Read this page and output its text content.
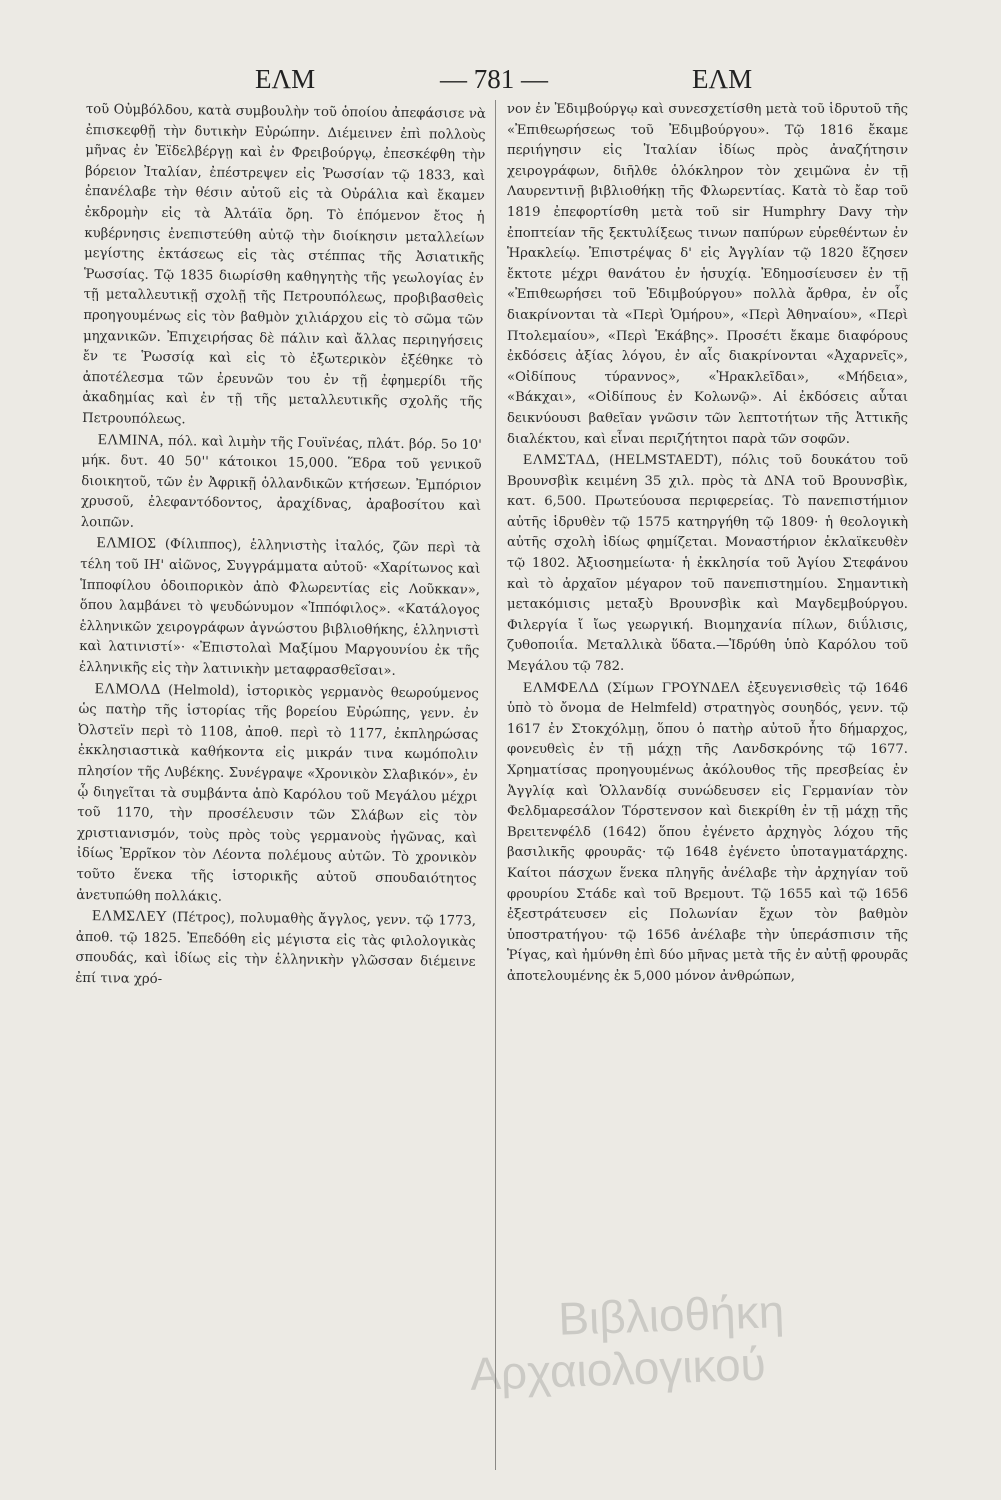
ΕΛΜ	— 781 —	ΕΛΜ

τοῦ Οὐμβόλδου, κατὰ συμβουλὴν τοῦ ὁποίου ἀπεφάσισε νὰ ἐπισκεφθῇ τὴν δυτικὴν Εὐρώπην. Διέμεινεν ἐπὶ πολλοὺς μῆνας ἐν Ἑϊδελβέργῃ καὶ ἐν Φρειβούργῳ, ἐπεσκέφθη τὴν βόρειον Ἰταλίαν, ἐπέστρεψεν εἰς Ῥωσσίαν τῷ 1833, καὶ ἐπανέλαβε τὴν θέσιν αὐτοῦ εἰς τὰ Οὐράλια καὶ ἔκαμεν ἐκδρομὴν εἰς τὰ Ἀλτάϊα ὄρη. Τὸ ἑπόμενον ἔτος ἡ κυβέρνησις ἐνεπιστεύθη αὐτῷ τὴν διοίκησιν μεταλλείων μεγίστης ἐκτάσεως εἰς τὰς στέππας τῆς Ἀσιατικῆς Ῥωσσίας. Τῷ 1835 διωρίσθη καθηγητὴς τῆς γεωλογίας ἐν τῇ μεταλλευτικῇ σχολῇ τῆς Πετρουπόλεως, προβιβασθεὶς προηγουμένως εἰς τὸν βαθμὸν χιλιάρχου εἰς τὸ σῶμα τῶν μηχανικῶν. Ἐπιχειρήσας δὲ πάλιν καὶ ἄλλας περιηγήσεις ἔν τε Ῥωσσίᾳ καὶ εἰς τὸ ἐξωτερικὸν ἐξέθηκε τὸ ἀποτέλεσμα τῶν ἐρευνῶν του ἐν τῇ ἐφημερίδι τῆς ἀκαδημίας καὶ ἐν τῇ τῆς μεταλλευτικῆς σχολῆς τῆς Πετρουπόλεως.

ΕΛΜΙΝΑ, πόλ. καὶ λιμὴν τῆς Γουϊνέας, πλάτ. βόρ. 5ο 10' μήκ. δυτ. 40 50'' κάτοικοι 15,000. Ἕδρα τοῦ γενικοῦ διοικητοῦ, τῶν ἐν Ἀφρικῇ ὁλλανδικῶν κτήσεων. Ἐμπόριον χρυσοῦ, ἐλεφαντόδοντος, ἀραχίδνας, ἀραβοσίτου καὶ λοιπῶν.

ΕΛΜΙΟΣ (Φίλιππος), ἑλληνιστὴς ἰταλός, ζῶν περὶ τὰ τέλη τοῦ ΙΗ' αἰῶνος, Συγγράμματα αὐτοῦ· «Χαρίτωνος καὶ Ἱπποφίλου ὁδοιπορικὸν ἀπὸ Φλωρεντίας εἰς Λοῦκκαν», ὅπου λαμβάνει τὸ ψευδώνυμον «Ἱππόφιλος». «Κατάλογος ἑλληνικῶν χειρογράφων ἀγνώστου βιβλιοθήκης, ἑλληνιστὶ καὶ λατινιστί»· «Ἐπιστολαὶ Μαξίμου Μαργουνίου ἐκ τῆς ἑλληνικῆς εἰς τὴν λατινικὴν μεταφρασθεῖσαι».

ΕΛΜΟΛΔ (Helmold), ἱστορικὸς γερμανὸς θεωρούμενος ὡς πατὴρ τῆς ἱστορίας τῆς βορείου Εὐρώπης, γενν. ἐν Ὀλστεϊν περὶ τὸ 1108, ἀποθ. περὶ τὸ 1177, ἐκπληρώσας ἐκκλησιαστικὰ καθήκοντα εἰς μικράν τινα κωμόπολιν πλησίον τῆς Λυβέκης. Συνέγραψε «Χρονικὸν Σλαβικόν», ἐν ᾧ διηγεῖται τὰ συμβάντα ἀπὸ Καρόλου τοῦ Μεγάλου μέχρι τοῦ 1170, τὴν προσέλευσιν τῶν Σλάβων εἰς τὸν χριστιανισμόν, τοὺς πρὸς τοὺς γερμανοὺς ἠγῶνας, καὶ ἰδίως Ἐρρῖκον τὸν Λέοντα πολέμους αὐτῶν. Τὸ χρονικὸν τοῦτο ἕνεκα τῆς ἱστορικῆς αὐτοῦ σπουδαιότητος ἀνετυπώθη πολλάκις.

ΕΛΜΣΛΕΥ (Πέτρος), πολυμαθὴς ἄγγλος, γενν. τῷ 1773, ἀποθ. τῷ 1825. Ἐπεδόθη εἰς μέγιστα εἰς τὰς φιλολογικὰς σπουδάς, καὶ ἰδίως εἰς τὴν ἑλληνικὴν γλῶσσαν διέμεινε ἐπί τινα χρό-

νον ἐν Ἐδιμβούργῳ καὶ συνεσχετίσθη μετὰ τοῦ ἱδρυτοῦ τῆς «Ἐπιθεωρήσεως τοῦ Ἐδιμβούργου». Τῷ 1816 ἔκαμε περιήγησιν εἰς Ἰταλίαν ἰδίως πρὸς ἀναζήτησιν χειρογράφων, διῆλθε ὁλόκληρον τὸν χειμῶνα ἐν τῇ Λαυρεντινῇ βιβλιοθήκῃ τῆς Φλωρεντίας. Κατὰ τὸ ἔαρ τοῦ 1819 ἐπεφορτίσθη μετὰ τοῦ sir Humphry Davy τὴν ἐποπτείαν τῆς ξεκτυλίξεως τινων παπύρων εὑρεθέντων ἐν Ἡρακλείῳ. Ἐπιστρέψας δ' εἰς Ἀγγλίαν τῷ 1820 ἔζησεν ἔκτοτε μέχρι θανάτου ἐν ἡσυχίᾳ. Ἐδημοσίευσεν ἐν τῇ «Ἐπιθεωρήσει τοῦ Ἐδιμβούργου» πολλὰ ἄρθρα, ἐν οἷς διακρίνονται τὰ «Περὶ Ὁμήρου», «Περὶ Ἀθηναίου», «Περὶ Πτολεμαίου», «Περὶ Ἑκάβης». Προσέτι ἔκαμε διαφόρους ἐκδόσεις ἀξίας λόγου, ἐν αἷς διακρίνονται «Ἀχαρνεῖς», «Οἰδίπους τύραννος», «Ἡρακλεῖδαι», «Μήδεια», «Βάκχαι», «Οἰδίπους ἐν Κολωνῷ». Αἱ ἐκδόσεις αὗται δεικνύουσι βαθεῖαν γνῶσιν τῶν λεπτοτήτων τῆς Ἀττικῆς διαλέκτου, καὶ εἶναι περιζήτητοι παρὰ τῶν σοφῶν.

ΕΛΜΣΤΑΔ, (HELMSTAEDT), πόλις τοῦ δουκάτου τοῦ Βρουνσβὶκ κειμένη 35 χιλ. πρὸς τὰ ΔΝΑ τοῦ Βρουνσβὶκ, κατ. 6,500. Πρωτεύουσα περιφερείας. Τὸ πανεπιστήμιον αὐτῆς ἱδρυθὲν τῷ 1575 κατηργήθη τῷ 1809· ἡ θεολογικὴ αὐτῆς σχολὴ ἰδίως φημίζεται. Μοναστήριον ἐκλαϊκευθὲν τῷ 1802. Ἀξιοσημείωτα· ἡ ἐκκλησία τοῦ Ἁγίου Στεφάνου καὶ τὸ ἀρχαῖον μέγαρον τοῦ πανεπιστημίου. Σημαντικὴ μετακόμισις μεταξὺ Βρουνσβὶκ καὶ Μαγδεμβούργου. Φιλεργία ἴ ἴως γεωργική. Βιομηχανία πίλων, διΰλισις, ζυθοποιΐα. Μεταλλικὰ ὕδατα.—Ἱδρύθη ὑπὸ Καρόλου τοῦ Μεγάλου τῷ 782.

ΕΛΜΦΕΛΔ (Σίμων ΓΡΟΥΝΔΕΛ ἐξευγενισθεὶς τῷ 1646 ὑπὸ τὸ ὄνομα de Helmfeld) στρατηγὸς σουηδός, γενν. τῷ 1617 ἐν Στοκχόλμῃ, ὅπου ὁ πατὴρ αὐτοῦ ἦτο δήμαρχος, φονευθεὶς ἐν τῇ μάχῃ τῆς Λανδσκρόνης τῷ 1677. Χρηματίσας προηγουμένως ἀκόλουθος τῆς πρεσβείας ἐν Ἀγγλίᾳ καὶ Ὁλλανδίᾳ συνώδευσεν εἰς Γερμανίαν τὸν Φελδμαρεσάλον Τόρστενσον καὶ διεκρίθη ἐν τῇ μάχῃ τῆς Βρειτενφέλδ (1642) ὅπου ἐγένετο ἀρχηγὸς λόχου τῆς βασιλικῆς φρουρᾶς· τῷ 1648 ἐγένετο ὑποταγματάρχης. Καίτοι πάσχων ἕνεκα πληγῆς ἀνέλαβε τὴν ἀρχηγίαν τοῦ φρουρίου Στάδε καὶ τοῦ Βρεμουτ. Τῷ 1655 καὶ τῷ 1656 ἐξεστράτευσεν εἰς Πολωνίαν ἔχων τὸν βαθμὸν ὑποστρατήγου· τῷ 1656 ἀνέλαβε τὴν ὑπεράσπισιν τῆς Ῥίγας, καὶ ἠμύνθη ἐπὶ δύο μῆνας μετὰ τῆς ἐν αὐτῇ φρουρᾶς ἀποτελουμένης ἐκ 5,000 μόνον ἀνθρώπων,

Βιβλιοθήκη
Αρχαιολογικού
